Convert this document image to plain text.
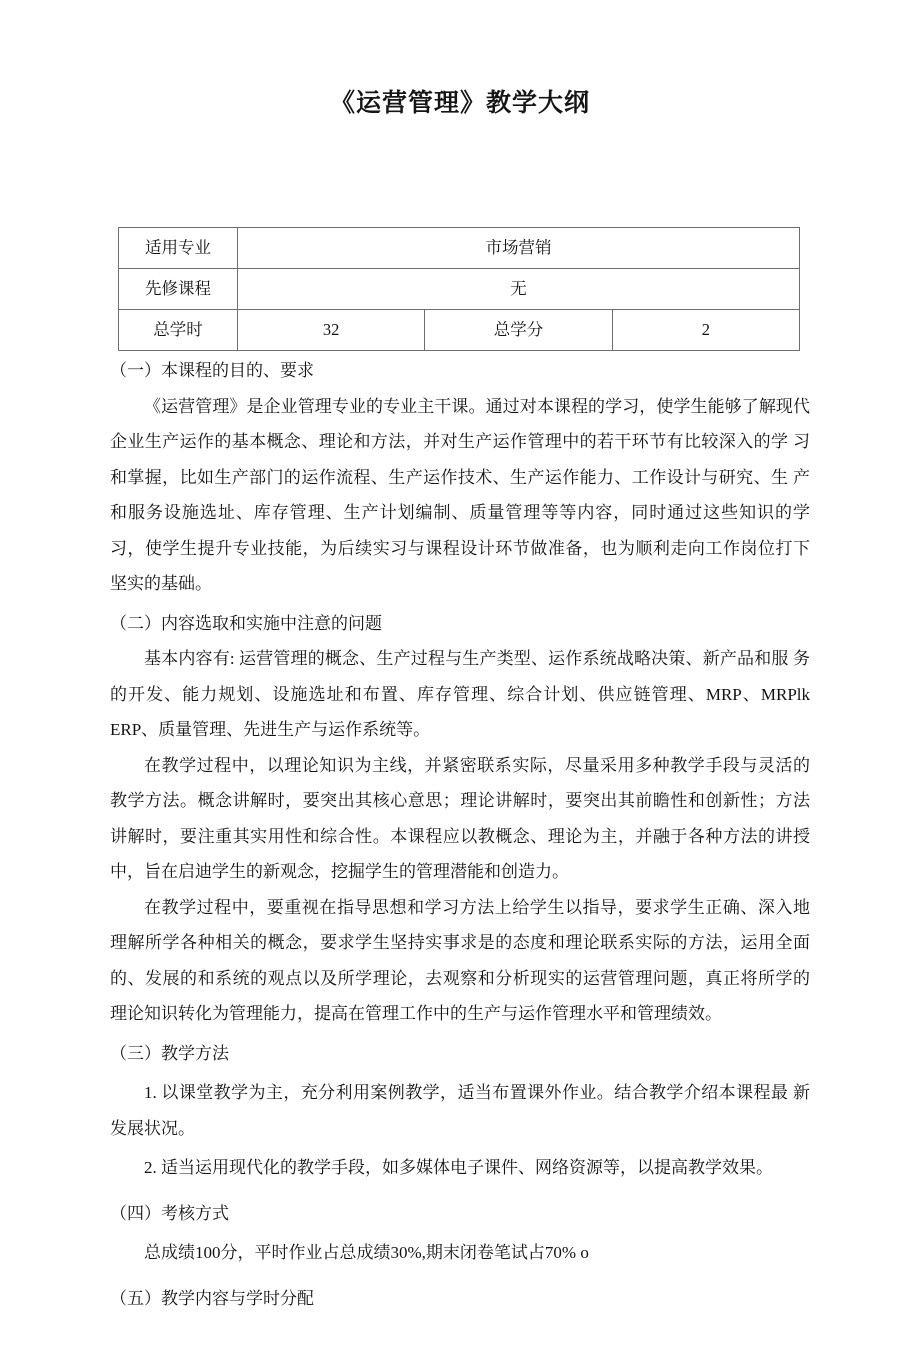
《运营管理》教学大纲
适用专业	市场营销		
先修课程	无		
总学时	32	总学分	2

（一）本课程的目的、要求

《运营管理》是企业管理专业的专业主干课。通过对本课程的学习，使学生能够了解现代企业生产运作的基本概念、理论和方法，并对生产运作管理中的若干环节有比较深入的学 习和掌握，比如生产部门的运作流程、生产运作技术、生产运作能力、工作设计与研究、生 产和服务设施选址、库存管理、生产计划编制、质量管理等等内容，同时通过这些知识的学 习，使学生提升专业技能，为后续实习与课程设计环节做准备，也为顺利走向工作岗位打下 坚实的基础。

（二）内容选取和实施中注意的问题

基本内容有: 运营管理的概念、生产过程与生产类型、运作系统战略决策、新产品和服 务的开发、能力规划、设施选址和布置、库存管理、综合计划、供应链管理、MRP、MRPlk ERP、质量管理、先进生产与运作系统等。

在教学过程中，以理论知识为主线，并紧密联系实际，尽量采用多种教学手段与灵活的 教学方法。概念讲解时，要突出其核心意思；理论讲解时，要突出其前瞻性和创新性；方法 讲解时，要注重其实用性和综合性。本课程应以教概念、理论为主，并融于各种方法的讲授 中，旨在启迪学生的新观念，挖掘学生的管理潜能和创造力。

在教学过程中，要重视在指导思想和学习方法上给学生以指导，要求学生正确、深入地 理解所学各种相关的概念，要求学生坚持实事求是的态度和理论联系实际的方法，运用全面 的、发展的和系统的观点以及所学理论，去观察和分析现实的运营管理问题，真正将所学的 理论知识转化为管理能力，提高在管理工作中的生产与运作管理水平和管理绩效。

（三）教学方法

1. 以课堂教学为主，充分利用案例教学，适当布置课外作业。结合教学介绍本课程最 新发展状况。

2. 适当运用现代化的教学手段，如多媒体电子课件、网络资源等，以提高教学效果。

（四）考核方式

总成绩100分，平时作业占总成绩30%,期末闭卷笔试占70% o

（五）教学内容与学时分配
